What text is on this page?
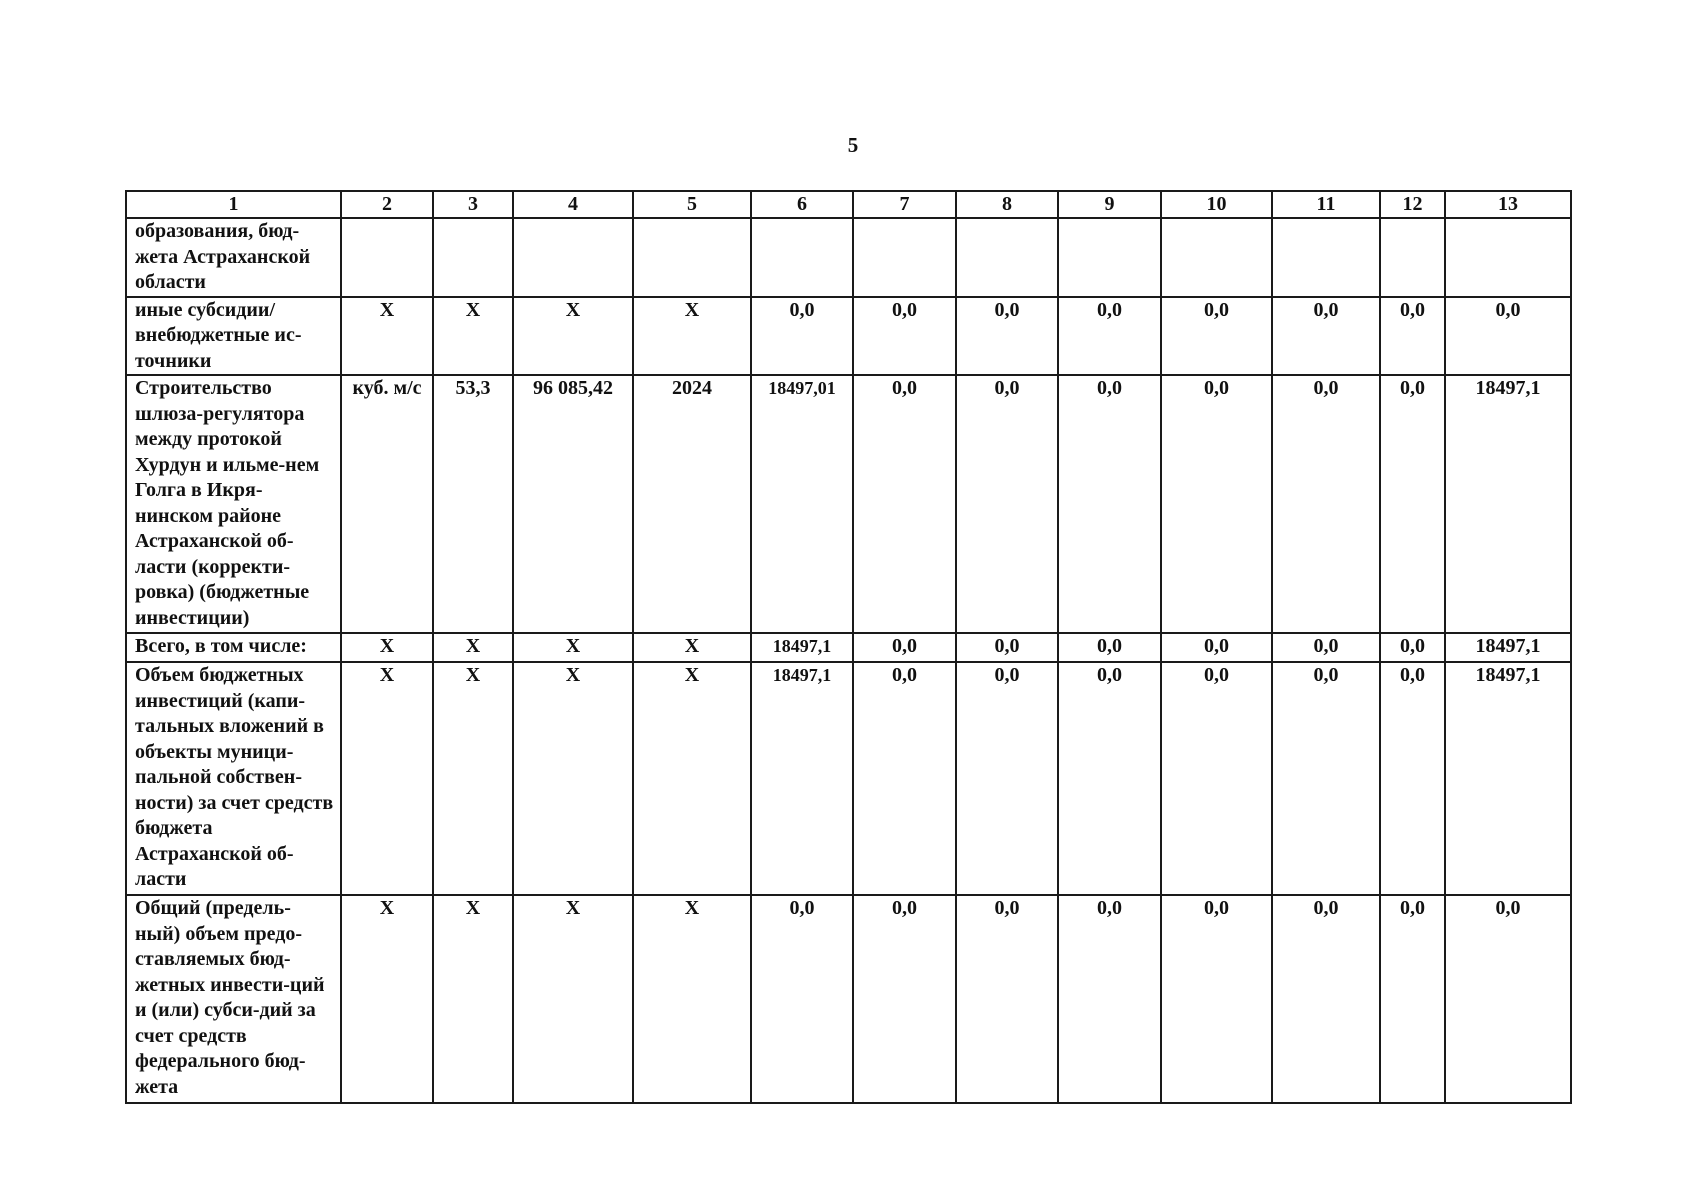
5
1	2	3	4	5	6	7	8	9	10	11	12	13
образования, бюд-жета Астраханской области												
иные субсидии/ внебюджетные ис-точники	X	X	X	X	0,0	0,0	0,0	0,0	0,0	0,0	0,0	0,0
Строительство шлюза-регулятора между протокой Хурдун и ильме-нем Голга в Икря-нинском районе Астраханской об-ласти (корректи-ровка) (бюджетные инвестиции)	куб. м/с	53,3	96 085,42	2024	18497,01	0,0	0,0	0,0	0,0	0,0	0,0	18497,1
Всего, в том числе:	X	X	X	X	18497,1	0,0	0,0	0,0	0,0	0,0	0,0	18497,1
Объем бюджетных инвестиций (капи-тальных вложений в объекты муници-пальной собствен-ности) за счет средств бюджета Астраханской об-ласти	X	X	X	X	18497,1	0,0	0,0	0,0	0,0	0,0	0,0	18497,1
Общий (предель-ный) объем предо-ставляемых бюд-жетных инвести-ций и (или) субси-дий за счет средств федерального бюд-жета	X	X	X	X	0,0	0,0	0,0	0,0	0,0	0,0	0,0	0,0
